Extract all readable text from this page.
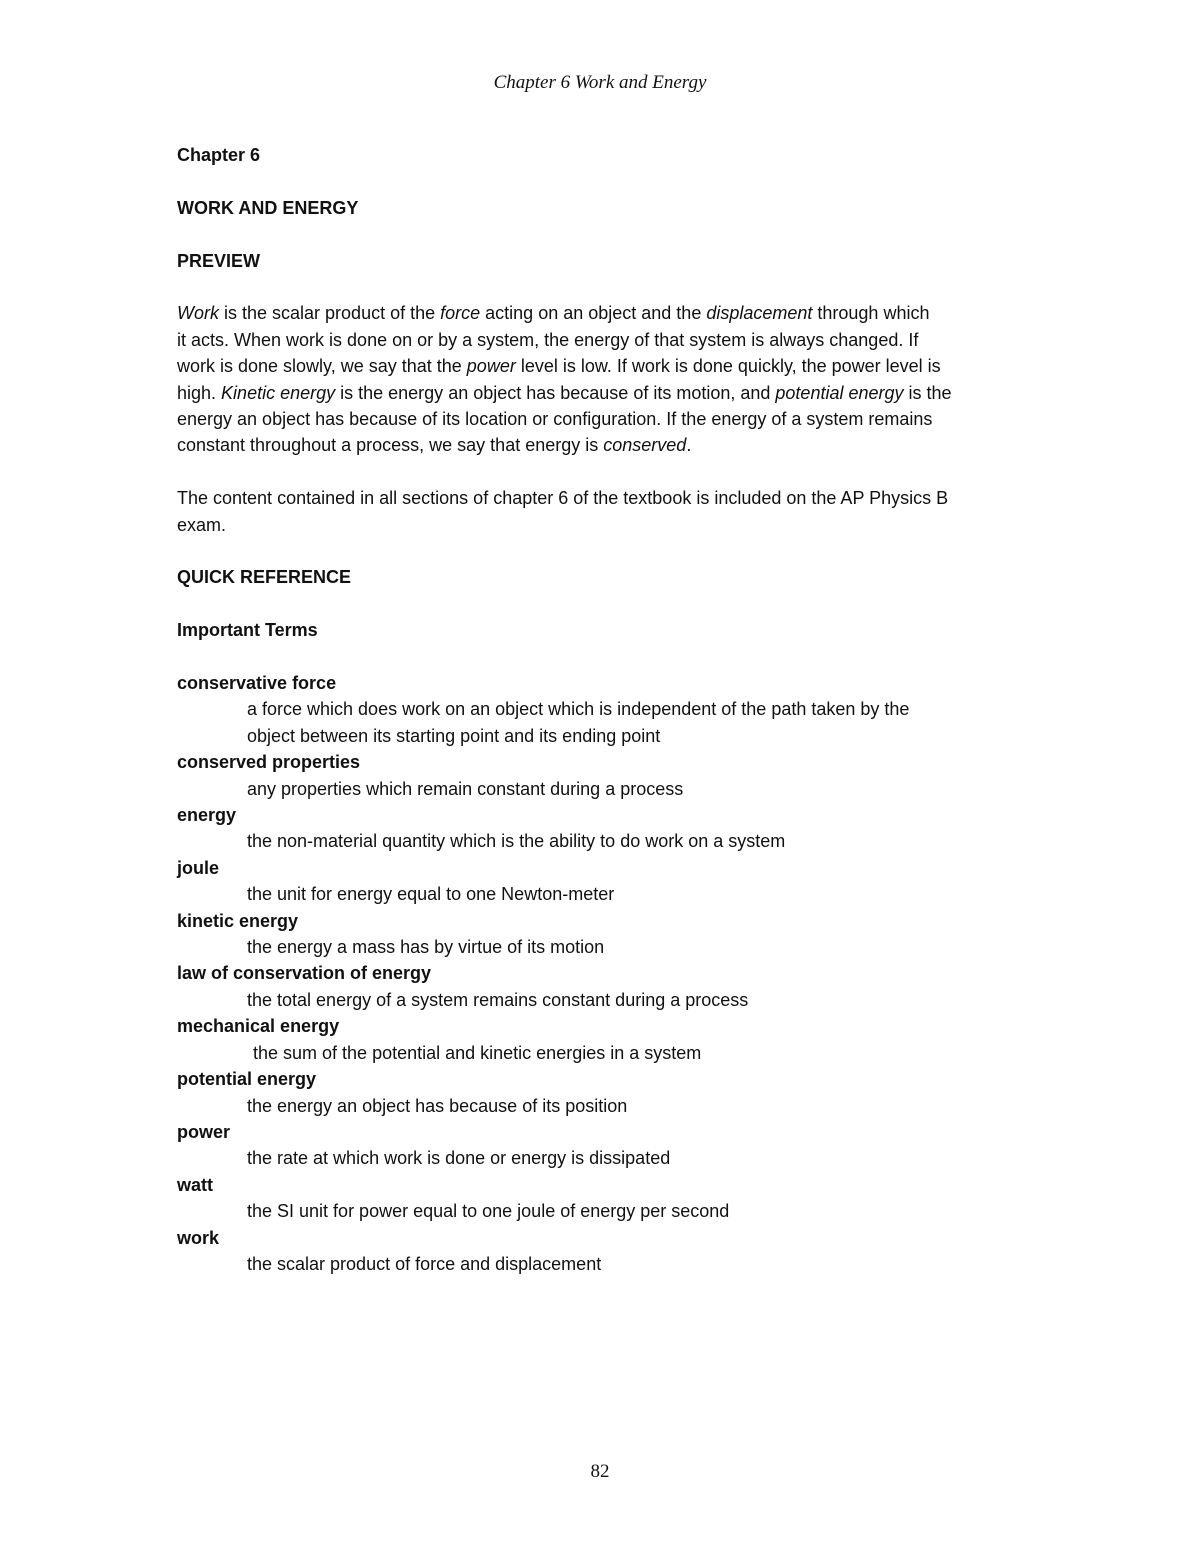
Chapter 6 Work and Energy

Chapter 6

WORK AND ENERGY

PREVIEW

Work is the scalar product of the force acting on an object and the displacement through which

it acts. When work is done on or by a system, the energy of that system is always changed. If

work is done slowly, we say that the power level is low. If work is done quickly, the power level is

high. Kinetic energy is the energy an object has because of its motion, and potential energy is the

energy an object has because of its location or configuration. If the energy of a system remains

constant throughout a process, we say that energy is conserved.

The content contained in all sections of chapter 6 of the textbook is included on the AP Physics B

exam.

QUICK REFERENCE

Important Terms

conservative force

a force which does work on an object which is independent of the path taken by the

object between its starting point and its ending point

conserved properties

any properties which remain constant during a process

energy

the non-material quantity which is the ability to do work on a system

joule

the unit for energy equal to one Newton-meter

kinetic energy

the energy a mass has by virtue of its motion

law of conservation of energy

the total energy of a system remains constant during a process

mechanical energy

the sum of the potential and kinetic energies in a system

potential energy

the energy an object has because of its position

power

the rate at which work is done or energy is dissipated

watt

the SI unit for power equal to one joule of energy per second

work

the scalar product of force and displacement

82
